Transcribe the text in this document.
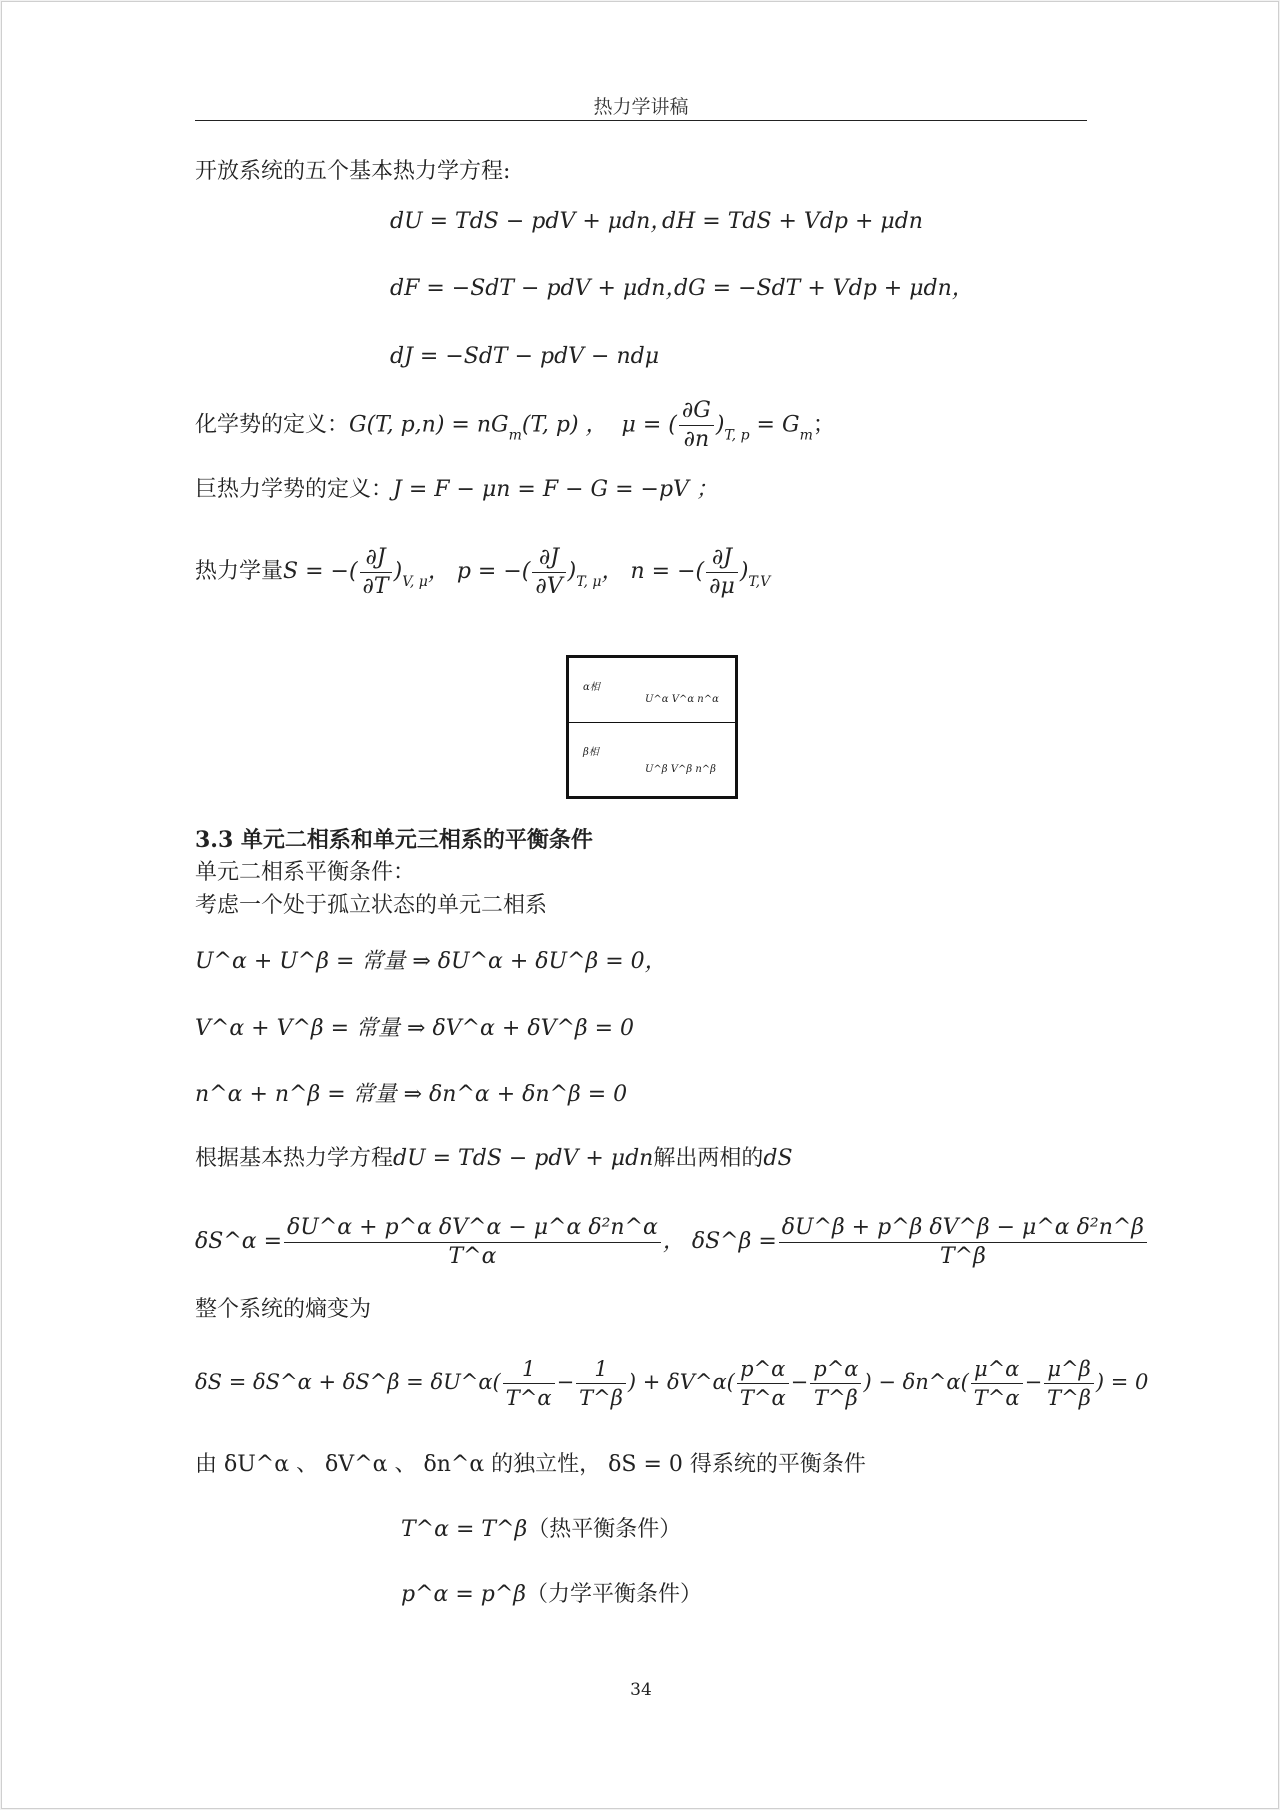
热力学讲稿
开放系统的五个基本热力学方程:
dU = TdS − pdV + μdn，
dH = TdS + Vdp + μdn
dF = −SdT − pdV + μdn，
dG = −SdT + Vdp + μdn，
dJ = −SdT − pdV − ndμ
化学势的定义：G(T, $p,n) = nG_m(T$, p) ， μ = ( $\frac{\partial G}{\partial n} )_{T, p} = G_m$；
巨热力学势的定义：J = F − μn = F − G = −pV ；
热力学量S = −( $\frac{\partial J}{\partial T} )_{V, \mu}$， p = −( $\frac{\partial J}{\partial V} )_{T, \mu}$， n = −( $\frac{\partial J}{\partial\mu} )_{T,V}$
α相
U^α V^α n^α
β相
U^β V^β n^β
3.3 单元二相系和单元三相系的平衡条件
单元二相系平衡条件：
考虑一个处于孤立状态的单元二相系
U^α + U^β = 常量 ⇒ δU^α + δU^β = 0，
V^α + V^β = 常量 ⇒ δV^α + δV^β = 0
n^α + n^β = 常量 ⇒ δn^α + δn^β = 0
根据基本热力学方程dU = TdS − pdV + μdn解出两相的dS
δS^α = $\frac{\text{δU\textasciicircum{}α + p\textasciicircum{}α δV\textasciicircum{}α − μ\textasciicircum{}α δ²n\textasciicircum{}α}}{T\^{}\alpha}$ ， δS^β = $\frac{\text{δU\textasciicircum{}β + p\textasciicircum{}β δV\textasciicircum{}β − μ\textasciicircum{}α δ²n\textasciicircum{}β}}{T\^{}\beta}$
整个系统的熵变为
δS = δS^α + δS^β = δU^α( $\frac{1}{T\^{}\alpha} - \frac{1}{T\^{}\beta}$ ) + δV^α( $\frac{p\^{}\alpha}{T\^{}\alpha} - \frac{p\^{}\alpha}{T\^{}\beta}$ ) − δn^α( $\frac{\mu\^{}\alpha}{T\^{}\alpha} - \frac{\mu\^{}\beta}{T\^{}\beta}$ ) = 0
由 δU^α 、 δV^α 、 δn^α 的独立性， δS = 0 得系统的平衡条件
T^α = T^β（热平衡条件）
p^α = p^β（力学平衡条件）
34
